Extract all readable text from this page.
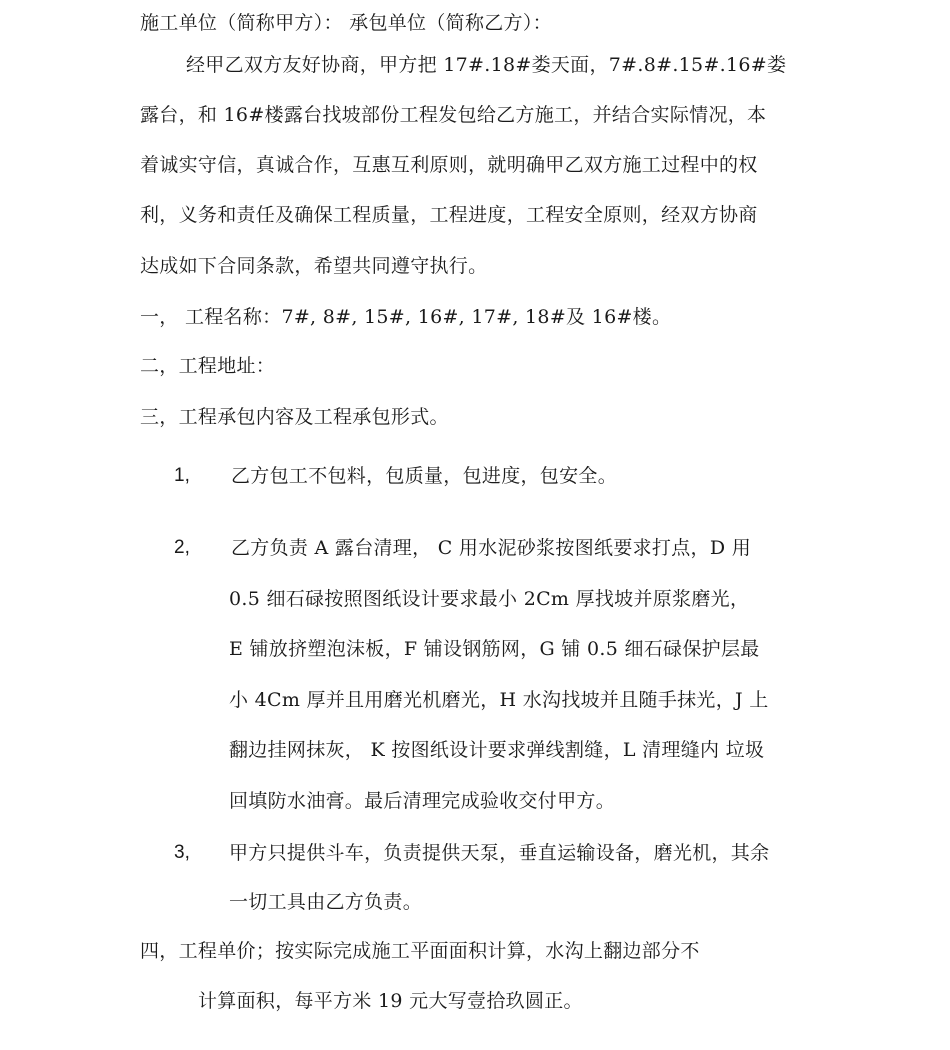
施工单位（简称甲方）： 承包单位（简称乙方）：
经甲乙双方友好协商，甲方把 17#.18#娄天面，7#.8#.15#.16#娄
露台，和 16#楼露台找坡部份工程发包给乙方施工，并结合实际情况，本
着诚实守信，真诚合作，互惠互利原则，就明确甲乙双方施工过程中的权
利，义务和责任及确保工程质量，工程进度，工程安全原则，经双方协商
达成如下合同条款，希望共同遵守执行。
一， 工程名称：7#, 8#, 15#, 16#, 17#, 18#及 16#楼。
二，工程地址：
三，工程承包内容及工程承包形式。
1, 乙方包工不包料，包质量，包进度，包安全。
2, 乙方负责 A 露台清理， C 用水泥砂浆按图纸要求打点，D 用
0.5 细石碌按照图纸设计要求最小 2Cm 厚找坡并原浆磨光，
E 铺放挤塑泡沫板，F 铺设钢筋网，G 铺 0.5 细石碌保护层最
小 4Cm 厚并且用磨光机磨光，H 水沟找坡并且随手抹光，J 上
翻边挂网抹灰， K 按图纸设计要求弹线割缝，L 清理缝内 垃圾
回填防水油膏。最后清理完成验收交付甲方。
3, 甲方只提供斗车，负责提供天泵，垂直运输设备，磨光机，其余
一切工具由乙方负责。
四，工程单价；按实际完成施工平面面积计算，水沟上翻边部分不
计算面积，每平方米 19 元大写壹拾玖圆正。
